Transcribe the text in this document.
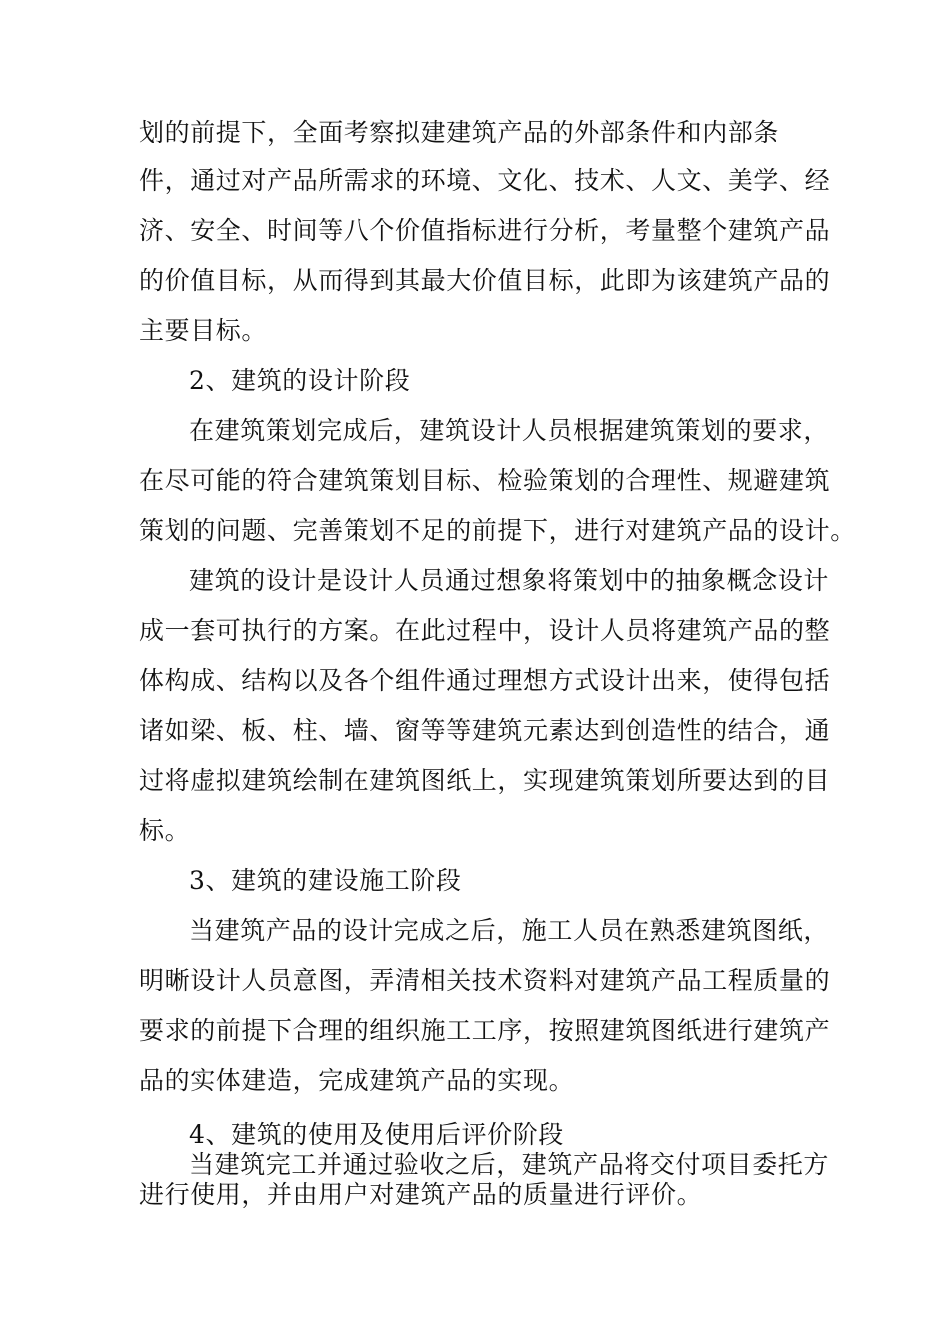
划的前提下，全面考察拟建建筑产品的外部条件和内部条
件，通过对产品所需求的环境、文化、技术、人文、美学、经
济、安全、时间等八个价值指标进行分析，考量整个建筑产品
的价值目标，从而得到其最大价值目标，此即为该建筑产品的
主要目标。
2、建筑的设计阶段
在建筑策划完成后，建筑设计人员根据建筑策划的要求，
在尽可能的符合建筑策划目标、检验策划的合理性、规避建筑
策划的问题、完善策划不足的前提下，进行对建筑产品的设计。
建筑的设计是设计人员通过想象将策划中的抽象概念设计
成一套可执行的方案。在此过程中，设计人员将建筑产品的整
体构成、结构以及各个组件通过理想方式设计出来，使得包括
诸如梁、板、柱、墙、窗等等建筑元素达到创造性的结合，通
过将虚拟建筑绘制在建筑图纸上，实现建筑策划所要达到的目
标。
3、建筑的建设施工阶段
当建筑产品的设计完成之后，施工人员在熟悉建筑图纸，
明晰设计人员意图，弄清相关技术资料对建筑产品工程质量的
要求的前提下合理的组织施工工序，按照建筑图纸进行建筑产
品的实体建造，完成建筑产品的实现。
4、建筑的使用及使用后评价阶段
当建筑完工并通过验收之后，建筑产品将交付项目委托方
进行使用，并由用户对建筑产品的质量进行评价。
